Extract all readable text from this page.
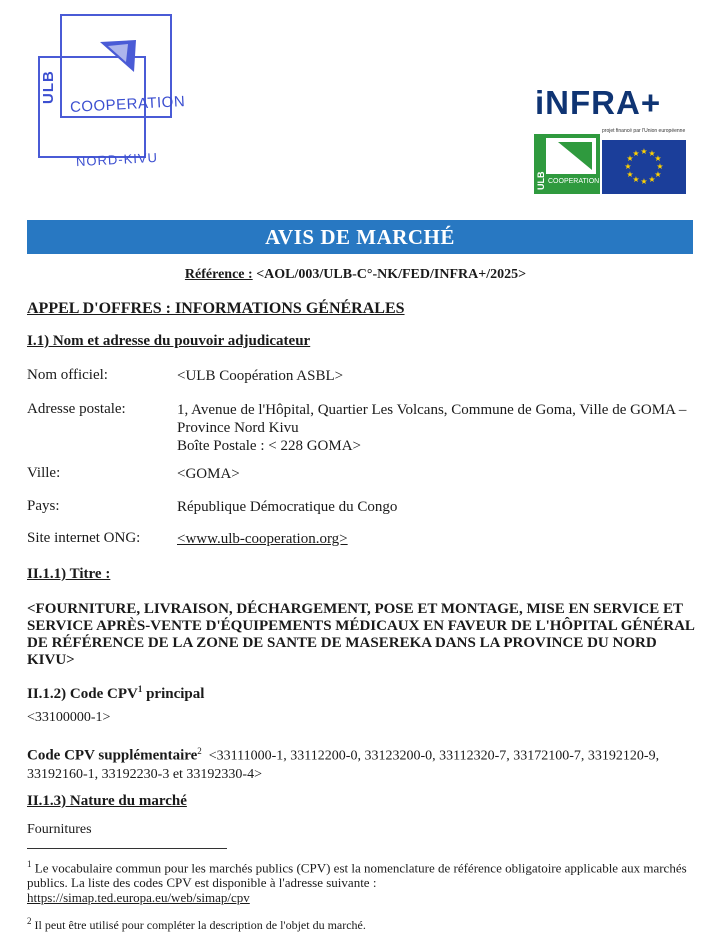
ULB
COOPERATION
NORD-KIVU
iNFRA+
ULB COOPERATION
projet financé par l'Union européenne
★ ★
★
★
★
★
★
★
★
★
★
★
AVIS DE MARCHÉ
Référence : <AOL/003/ULB-C°-NK/FED/INFRA+/2025>
APPEL D'OFFRES : INFORMATIONS GÉNÉRALES
I.1) Nom et adresse du pouvoir adjudicateur
Nom officiel:	<ULB Coopération ASBL>
Adresse postale:	1, Avenue de l'Hôpital, Quartier Les Volcans, Commune de Goma, Ville de GOMA – Province Nord Kivu
Boîte Postale : < 228 GOMA>
Ville:	<GOMA>
Pays:	République Démocratique du Congo
Site internet ONG: <www.ulb-cooperation.org>
II.1.1) Titre :
<FOURNITURE, LIVRAISON, DÉCHARGEMENT, POSE ET MONTAGE, MISE EN SERVICE ET SERVICE APRÈS-VENTE D'ÉQUIPEMENTS MÉDICAUX EN FAVEUR DE L'HÔPITAL GÉNÉRAL DE RÉFÉRENCE DE LA ZONE DE SANTE DE MASEREKA DANS LA PROVINCE DU NORD KIVU>
II.1.2) Code CPV$^1$ principal
<33100000-1>
Code CPV supplémentaire$^2$ <33111000-1, 33112200-0, 33123200-0, 33112320-7, 33172100-7, 33192120-9, 33192160-1, 33192230-3 et 33192330-4>
II.1.3) Nature du marché
Fournitures
$^1$ Le vocabulaire commun pour les marchés publics (CPV) est la nomenclature de référence obligatoire applicable aux marchés publics. La liste des codes CPV est disponible à l'adresse suivante :
https://simap.ted.europa.eu/web/simap/cpv
$^2$ Il peut être utilisé pour compléter la description de l'objet du marché.
